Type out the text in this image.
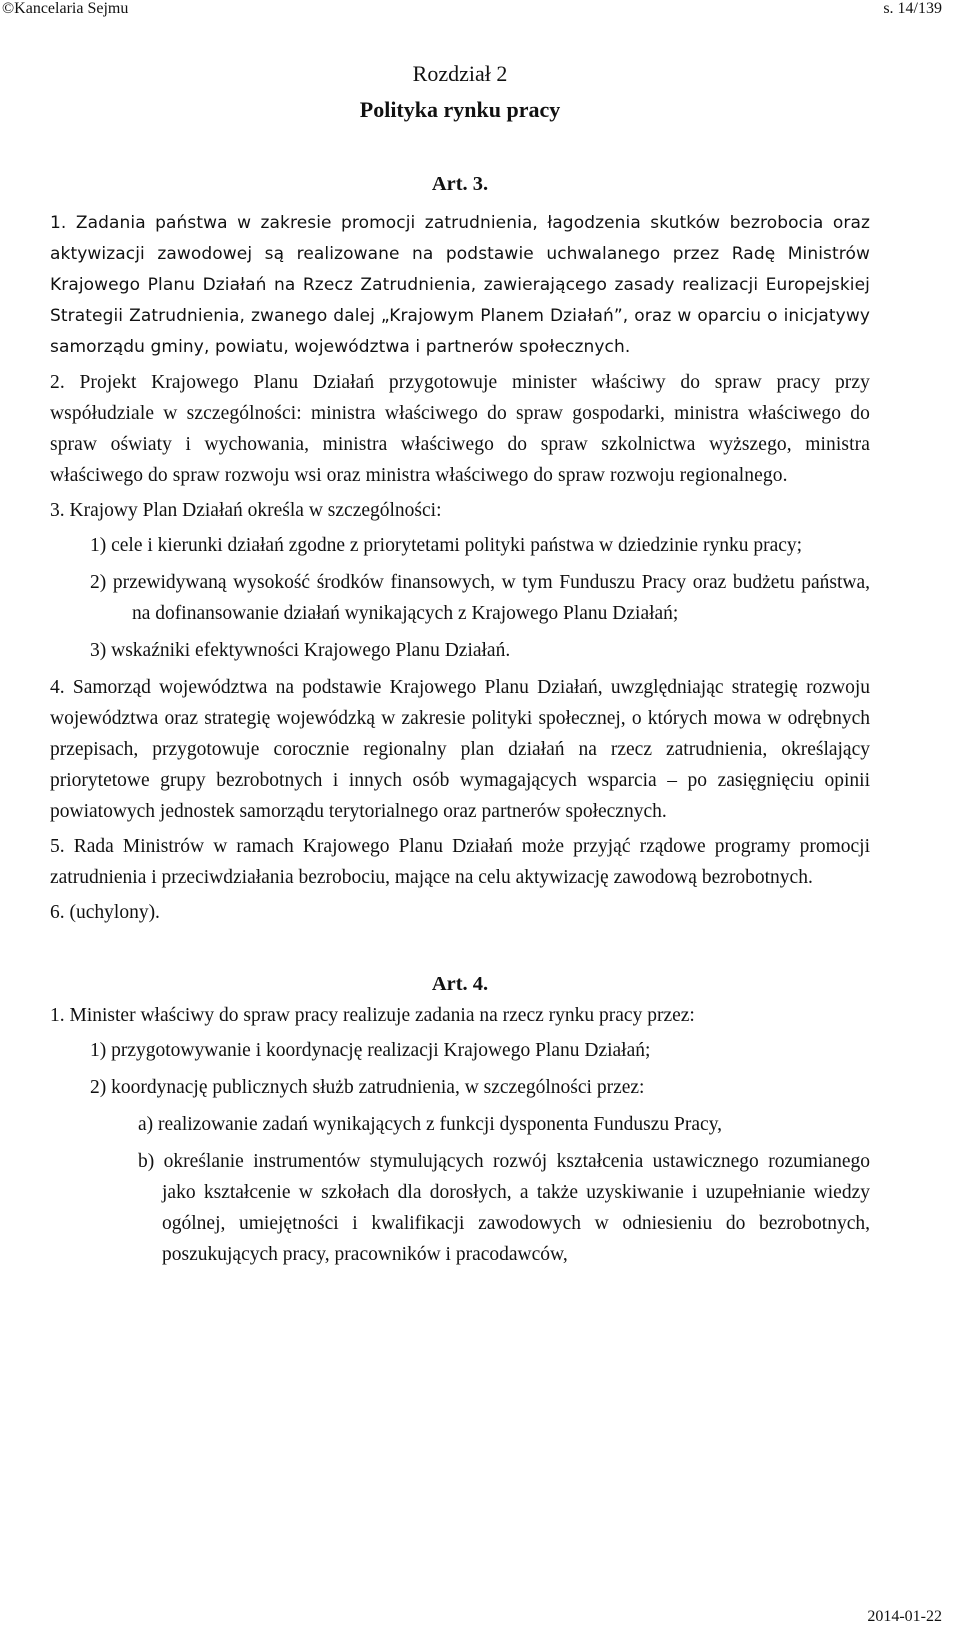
©Kancelaria Sejmu	s. 14/139
Rozdział 2
Polityka rynku pracy
Art. 3.

1. Zadania państwa w zakresie promocji zatrudnienia, łagodzenia skutków bezrobocia oraz aktywizacji zawodowej są realizowane na podstawie uchwalanego przez Radę Ministrów Krajowego Planu Działań na Rzecz Zatrudnienia, zawierającego zasady realizacji Europejskiej Strategii Zatrudnienia, zwanego dalej „Krajowym Planem Działań”, oraz w oparciu o inicjatywy samorządu gminy, powiatu, województwa i partnerów społecznych.

2. Projekt Krajowego Planu Działań przygotowuje minister właściwy do spraw pracy przy współudziale w szczególności: ministra właściwego do spraw gospodarki, ministra właściwego do spraw oświaty i wychowania, ministra właściwego do spraw szkolnictwa wyższego, ministra właściwego do spraw rozwoju wsi oraz ministra właściwego do spraw rozwoju regionalnego.

3. Krajowy Plan Działań określa w szczególności:

1) cele i kierunki działań zgodne z priorytetami polityki państwa w dziedzinie rynku pracy;

2) przewidywaną wysokość środków finansowych, w tym Funduszu Pracy oraz budżetu państwa, na dofinansowanie działań wynikających z Krajowego Planu Działań;

3) wskaźniki efektywności Krajowego Planu Działań.

4. Samorząd województwa na podstawie Krajowego Planu Działań, uwzględniając strategię rozwoju województwa oraz strategię wojewódzką w zakresie polityki społecznej, o których mowa w odrębnych przepisach, przygotowuje corocznie regionalny plan działań na rzecz zatrudnienia, określający priorytetowe grupy bezrobotnych i innych osób wymagających wsparcia – po zasięgnięciu opinii powiatowych jednostek samorządu terytorialnego oraz partnerów społecznych.

5. Rada Ministrów w ramach Krajowego Planu Działań może przyjąć rządowe programy promocji zatrudnienia i przeciwdziałania bezrobociu, mające na celu aktywizację zawodową bezrobotnych.

6. (uchylony).

Art. 4.

1. Minister właściwy do spraw pracy realizuje zadania na rzecz rynku pracy przez:

1) przygotowywanie i koordynację realizacji Krajowego Planu Działań;

2) koordynację publicznych służb zatrudnienia, w szczególności przez:

a) realizowanie zadań wynikających z funkcji dysponenta Funduszu Pracy,

b) określanie instrumentów stymulujących rozwój kształcenia ustawicznego rozumianego jako kształcenie w szkołach dla dorosłych, a także uzyskiwanie i uzupełnianie wiedzy ogólnej, umiejętności i kwalifikacji zawodowych w odniesieniu do bezrobotnych, poszukujących pracy, pracowników i pracodawców,

2014-01-22
